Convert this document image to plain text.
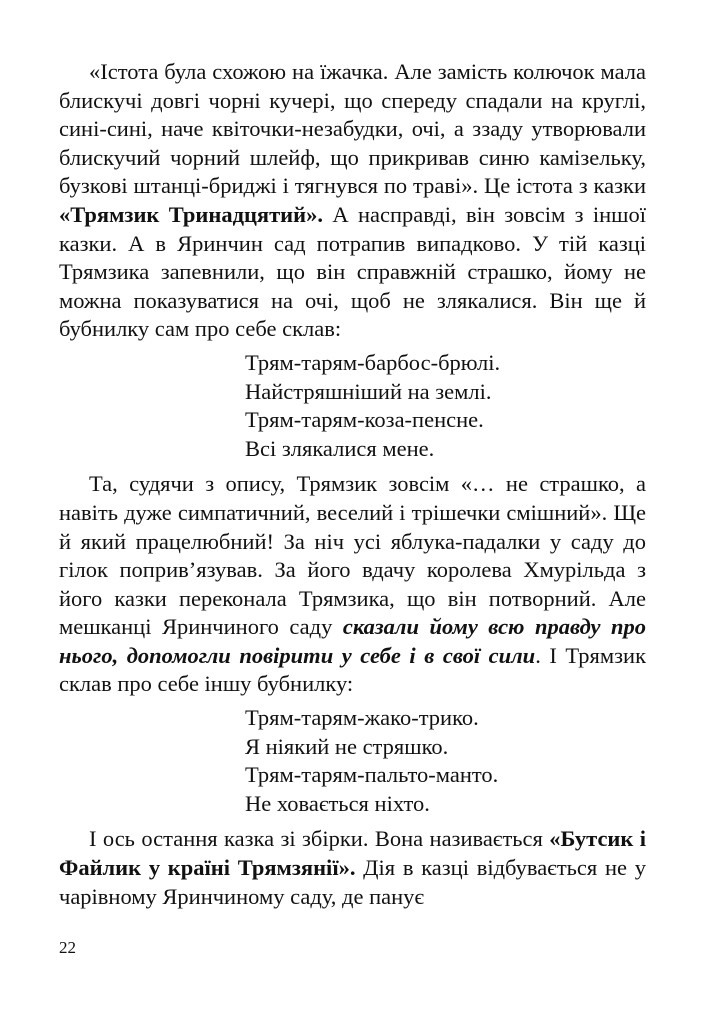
«Істота була схожою на їжачка. Але замість колючок мала блискучі довгі чорні кучері, що спереду спадали на круглі, сині-сині, наче квіточки-незабудки, очі, а ззаду утворювали блискучий чорний шлейф, що прикривав синю камізельку, бузкові штанці-бриджі і тягнувся по траві». Це істота з казки «Трямзик Тринадцятий». А насправді, він зовсім з іншої казки. А в Яринчин сад потрапив випадково. У тій казці Трямзика запевнили, що він справжній страшко, йому не можна показуватися на очі, щоб не злякалися. Він ще й бубнилку сам про себе склав:

Трям-тарям-барбос-брюлі.
Найстряшніший на землі.
Трям-тарям-коза-пенсне.
Всі злякалися мене.

Та, судячи з опису, Трямзик зовсім «… не страшко, а навіть дуже симпатичний, веселий і трішечки смішний». Ще й який працелюбний! За ніч усі яблука-падалки у саду до гілок поприв’язував. За його вдачу королева Хмурільда з його казки переконала Трямзика, що він потворний. Але мешканці Яринчиного саду сказали йому всю правду про нього, допомогли повірити у себе і в свої сили. І Трямзик склав про себе іншу бубнилку:

Трям-тарям-жако-трико.
Я ніякий не стряшко.
Трям-тарям-пальто-манто.
Не ховається ніхто.

І ось остання казка зі збірки. Вона називається «Бутсик і Файлик у країні Трямзянії». Дія в казці відбувається не у чарівному Яринчиному саду, де панує

22
